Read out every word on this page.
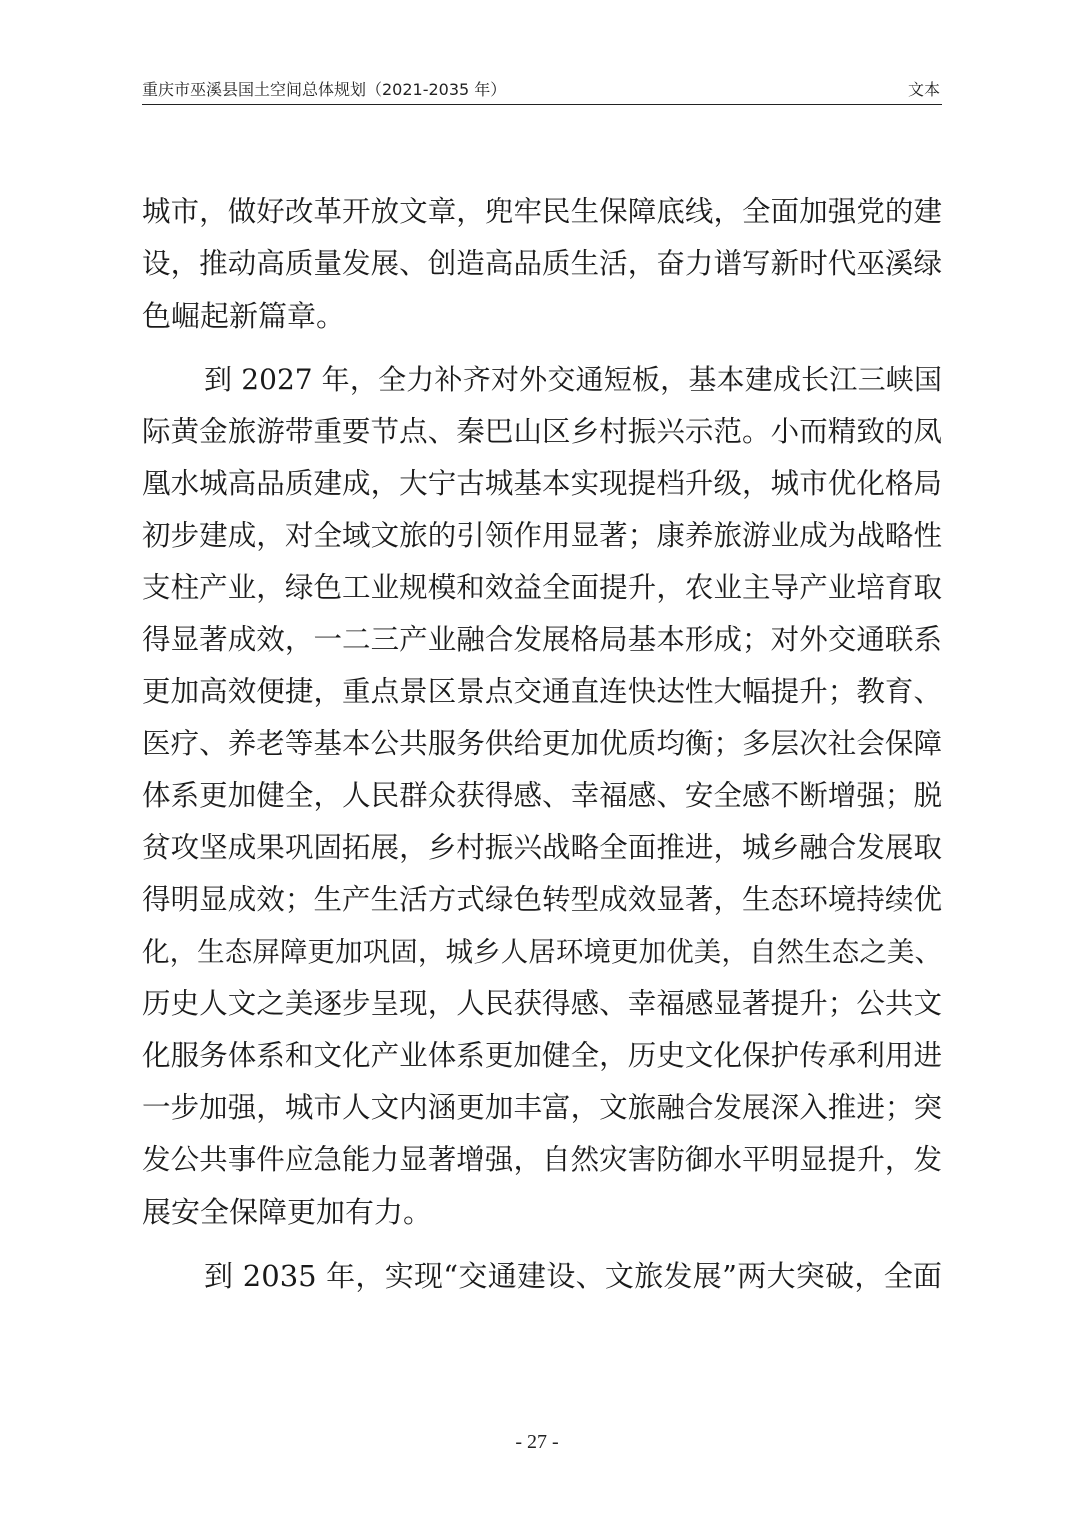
重庆市巫溪县国土空间总体规划（2021-2035 年）	文本
城市，做好改革开放文章，兜牢民生保障底线，全面加强党的建
设，推动高质量发展、创造高品质生活，奋力谱写新时代巫溪绿
色崛起新篇章。
到 2027 年，全力补齐对外交通短板，基本建成长江三峡国
际黄金旅游带重要节点、秦巴山区乡村振兴示范。小而精致的凤
凰水城高品质建成，大宁古城基本实现提档升级，城市优化格局
初步建成，对全域文旅的引领作用显著；康养旅游业成为战略性
支柱产业，绿色工业规模和效益全面提升，农业主导产业培育取
得显著成效，一二三产业融合发展格局基本形成；对外交通联系
更加高效便捷，重点景区景点交通直连快达性大幅提升；教育、
医疗、养老等基本公共服务供给更加优质均衡；多层次社会保障
体系更加健全，人民群众获得感、幸福感、安全感不断增强；脱
贫攻坚成果巩固拓展，乡村振兴战略全面推进，城乡融合发展取
得明显成效；生产生活方式绿色转型成效显著，生态环境持续优
化，生态屏障更加巩固，城乡人居环境更加优美，自然生态之美、
历史人文之美逐步呈现，人民获得感、幸福感显著提升；公共文
化服务体系和文化产业体系更加健全，历史文化保护传承利用进
一步加强，城市人文内涵更加丰富，文旅融合发展深入推进；突
发公共事件应急能力显著增强，自然灾害防御水平明显提升，发
展安全保障更加有力。
到 2035 年，实现“交通建设、文旅发展”两大突破，全面
- 27 -
